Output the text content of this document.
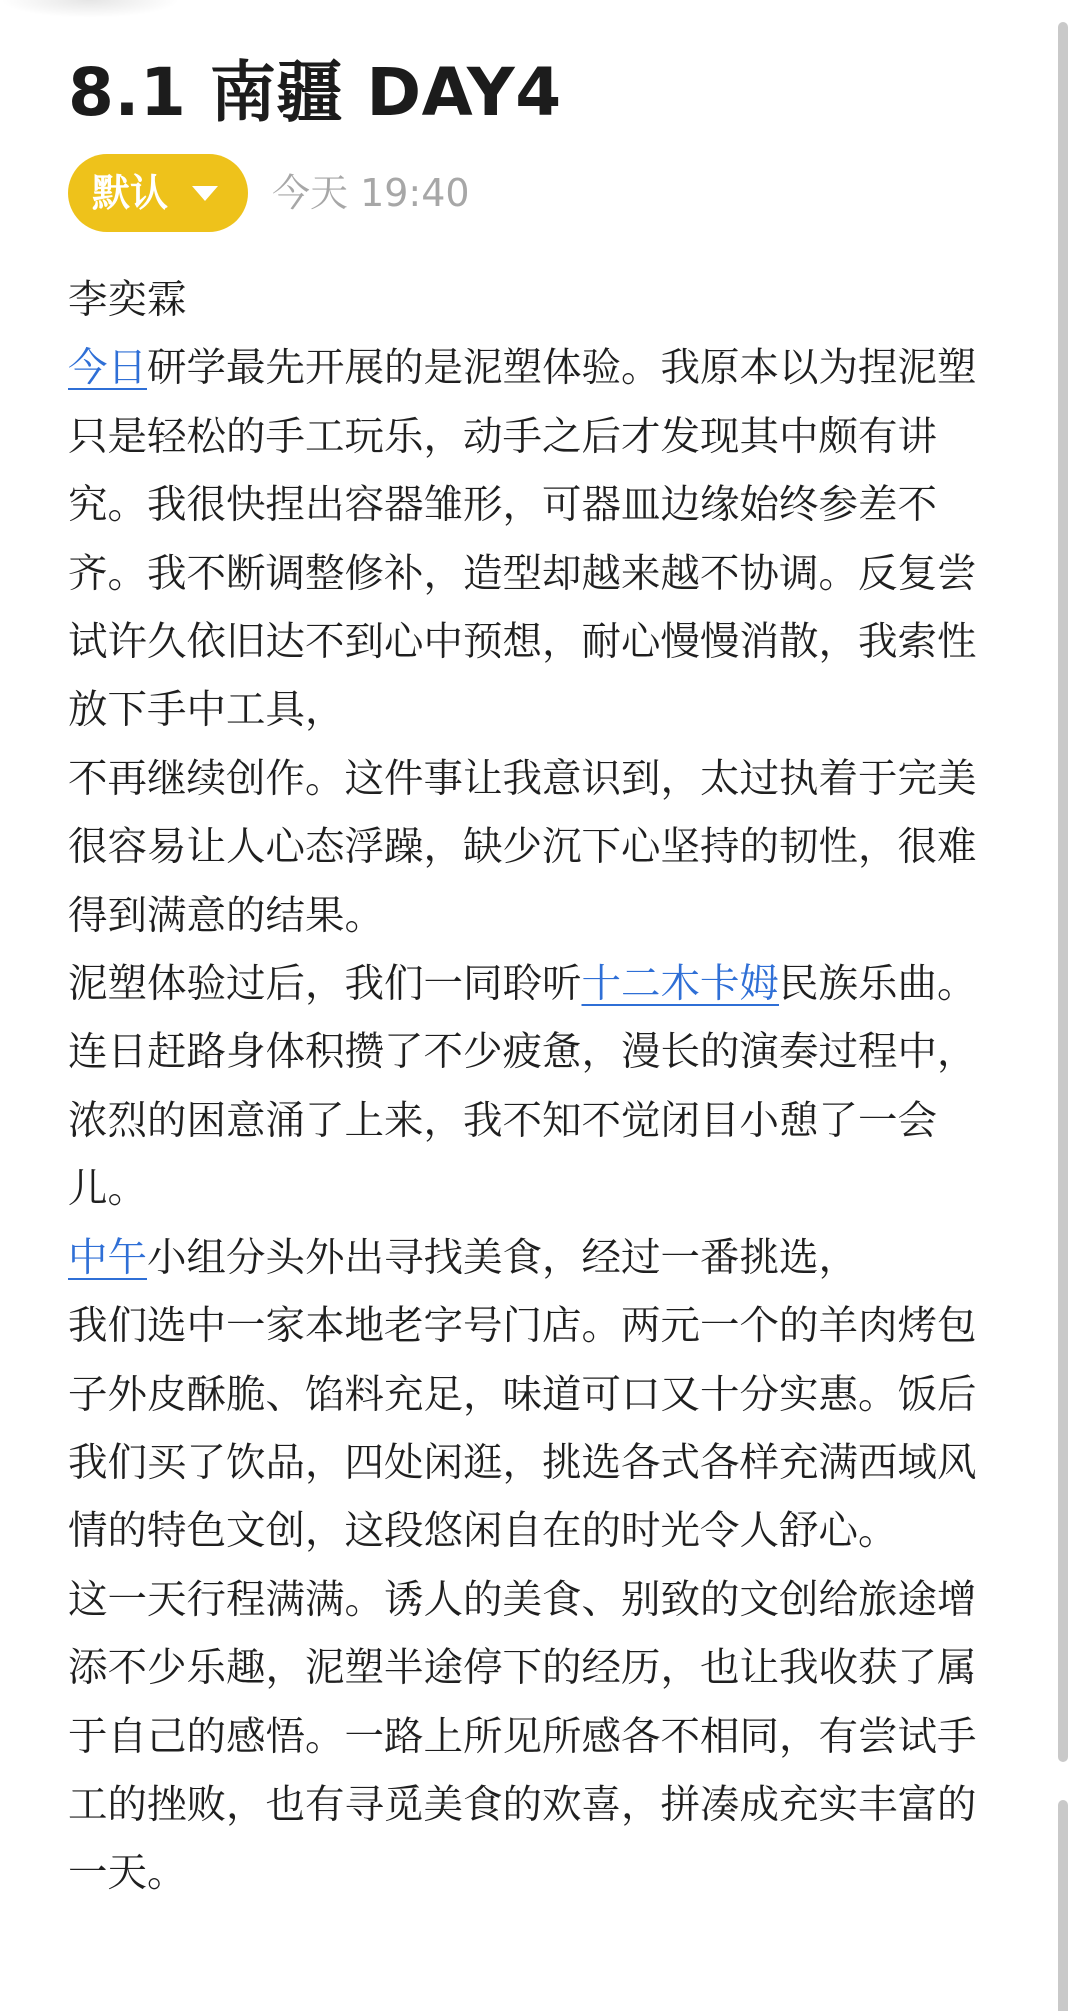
8.1 南疆 DAY4
默认	今天 19:40

李奕霖

今日研学最先开展的是泥塑体验。我原本以为捏泥塑只是轻松的手工玩乐，动手之后才发现其中颇有讲究。我很快捏出容器雏形，可器皿边缘始终参差不齐。我不断调整修补，造型却越来越不协调。反复尝试许久依旧达不到心中预想，耐心慢慢消散，我索性放下手中工具，
不再继续创作。这件事让我意识到，太过执着于完美很容易让人心态浮躁，缺少沉下心坚持的韧性，很难得到满意的结果。

泥塑体验过后，我们一同聆听十二木卡姆民族乐曲。连日赶路身体积攒了不少疲惫，漫长的演奏过程中，浓烈的困意涌了上来，我不知不觉闭目小憩了一会儿。

中午小组分头外出寻找美食，经过一番挑选，
我们选中一家本地老字号门店。两元一个的羊肉烤包子外皮酥脆、馅料充足，味道可口又十分实惠。饭后我们买了饮品，四处闲逛，挑选各式各样充满西域风情的特色文创，这段悠闲自在的时光令人舒心。

这一天行程满满。诱人的美食、别致的文创给旅途增添不少乐趣，泥塑半途停下的经历，也让我收获了属于自己的感悟。一路上所见所感各不相同，有尝试手工的挫败，也有寻觅美食的欢喜，拼凑成充实丰富的一天。
